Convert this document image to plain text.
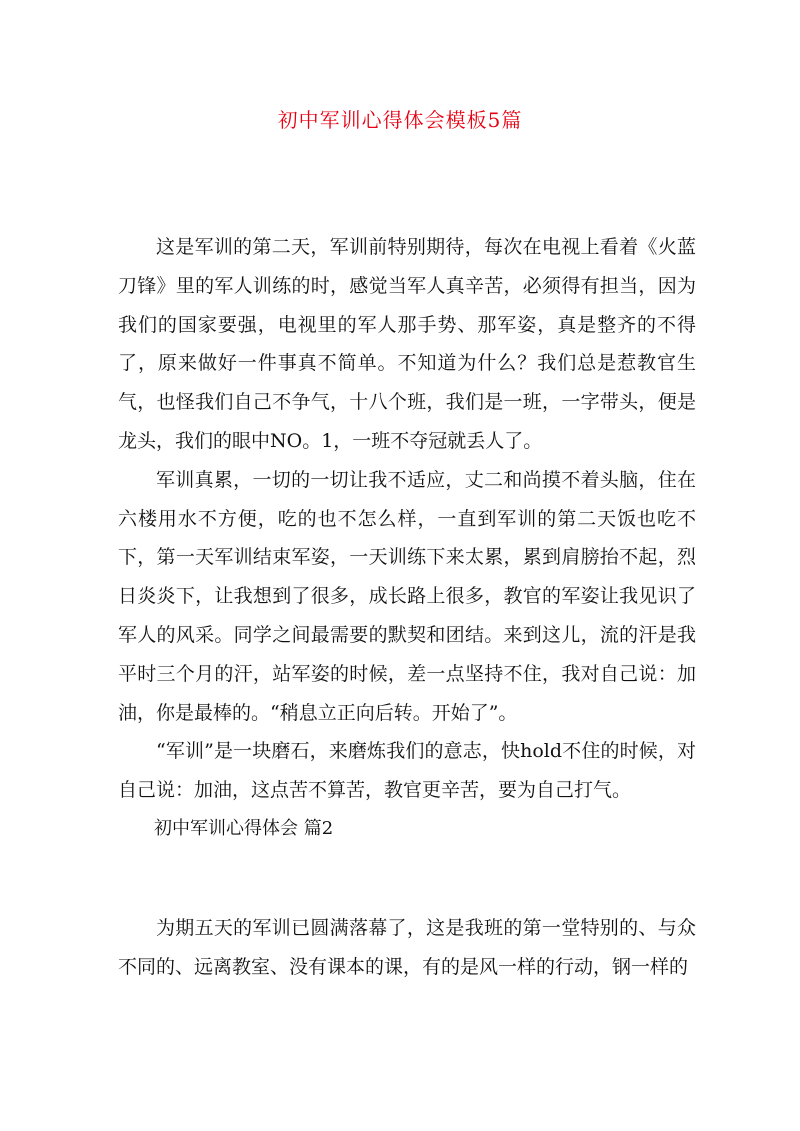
初中军训心得体会模板5篇

这是军训的第二天，军训前特别期待，每次在电视上看着《火蓝刀锋》里的军人训练的时，感觉当军人真辛苦，必须得有担当，因为我们的国家要强，电视里的军人那手势、那军姿，真是整齐的不得了，原来做好一件事真不简单。不知道为什么？我们总是惹教官生气，也怪我们自己不争气，十八个班，我们是一班，一字带头，便是龙头，我们的眼中NO。1，一班不夺冠就丢人了。

军训真累，一切的一切让我不适应，丈二和尚摸不着头脑，住在六楼用水不方便，吃的也不怎么样，一直到军训的第二天饭也吃不下，第一天军训结束军姿，一天训练下来太累，累到肩膀抬不起，烈日炎炎下，让我想到了很多，成长路上很多，教官的军姿让我见识了军人的风采。同学之间最需要的默契和团结。来到这儿，流的汗是我平时三个月的汗，站军姿的时候，差一点坚持不住，我对自己说：加油，你是最棒的。“稍息立正向后转。开始了”。

“军训”是一块磨石，来磨炼我们的意志，快hold不住的时候，对自己说：加油，这点苦不算苦，教官更辛苦，要为自己打气。

初中军训心得体会 篇2

为期五天的军训已圆满落幕了，这是我班的第一堂特别的、与众不同的、远离教室、没有课本的课，有的是风一样的行动，钢一样的
